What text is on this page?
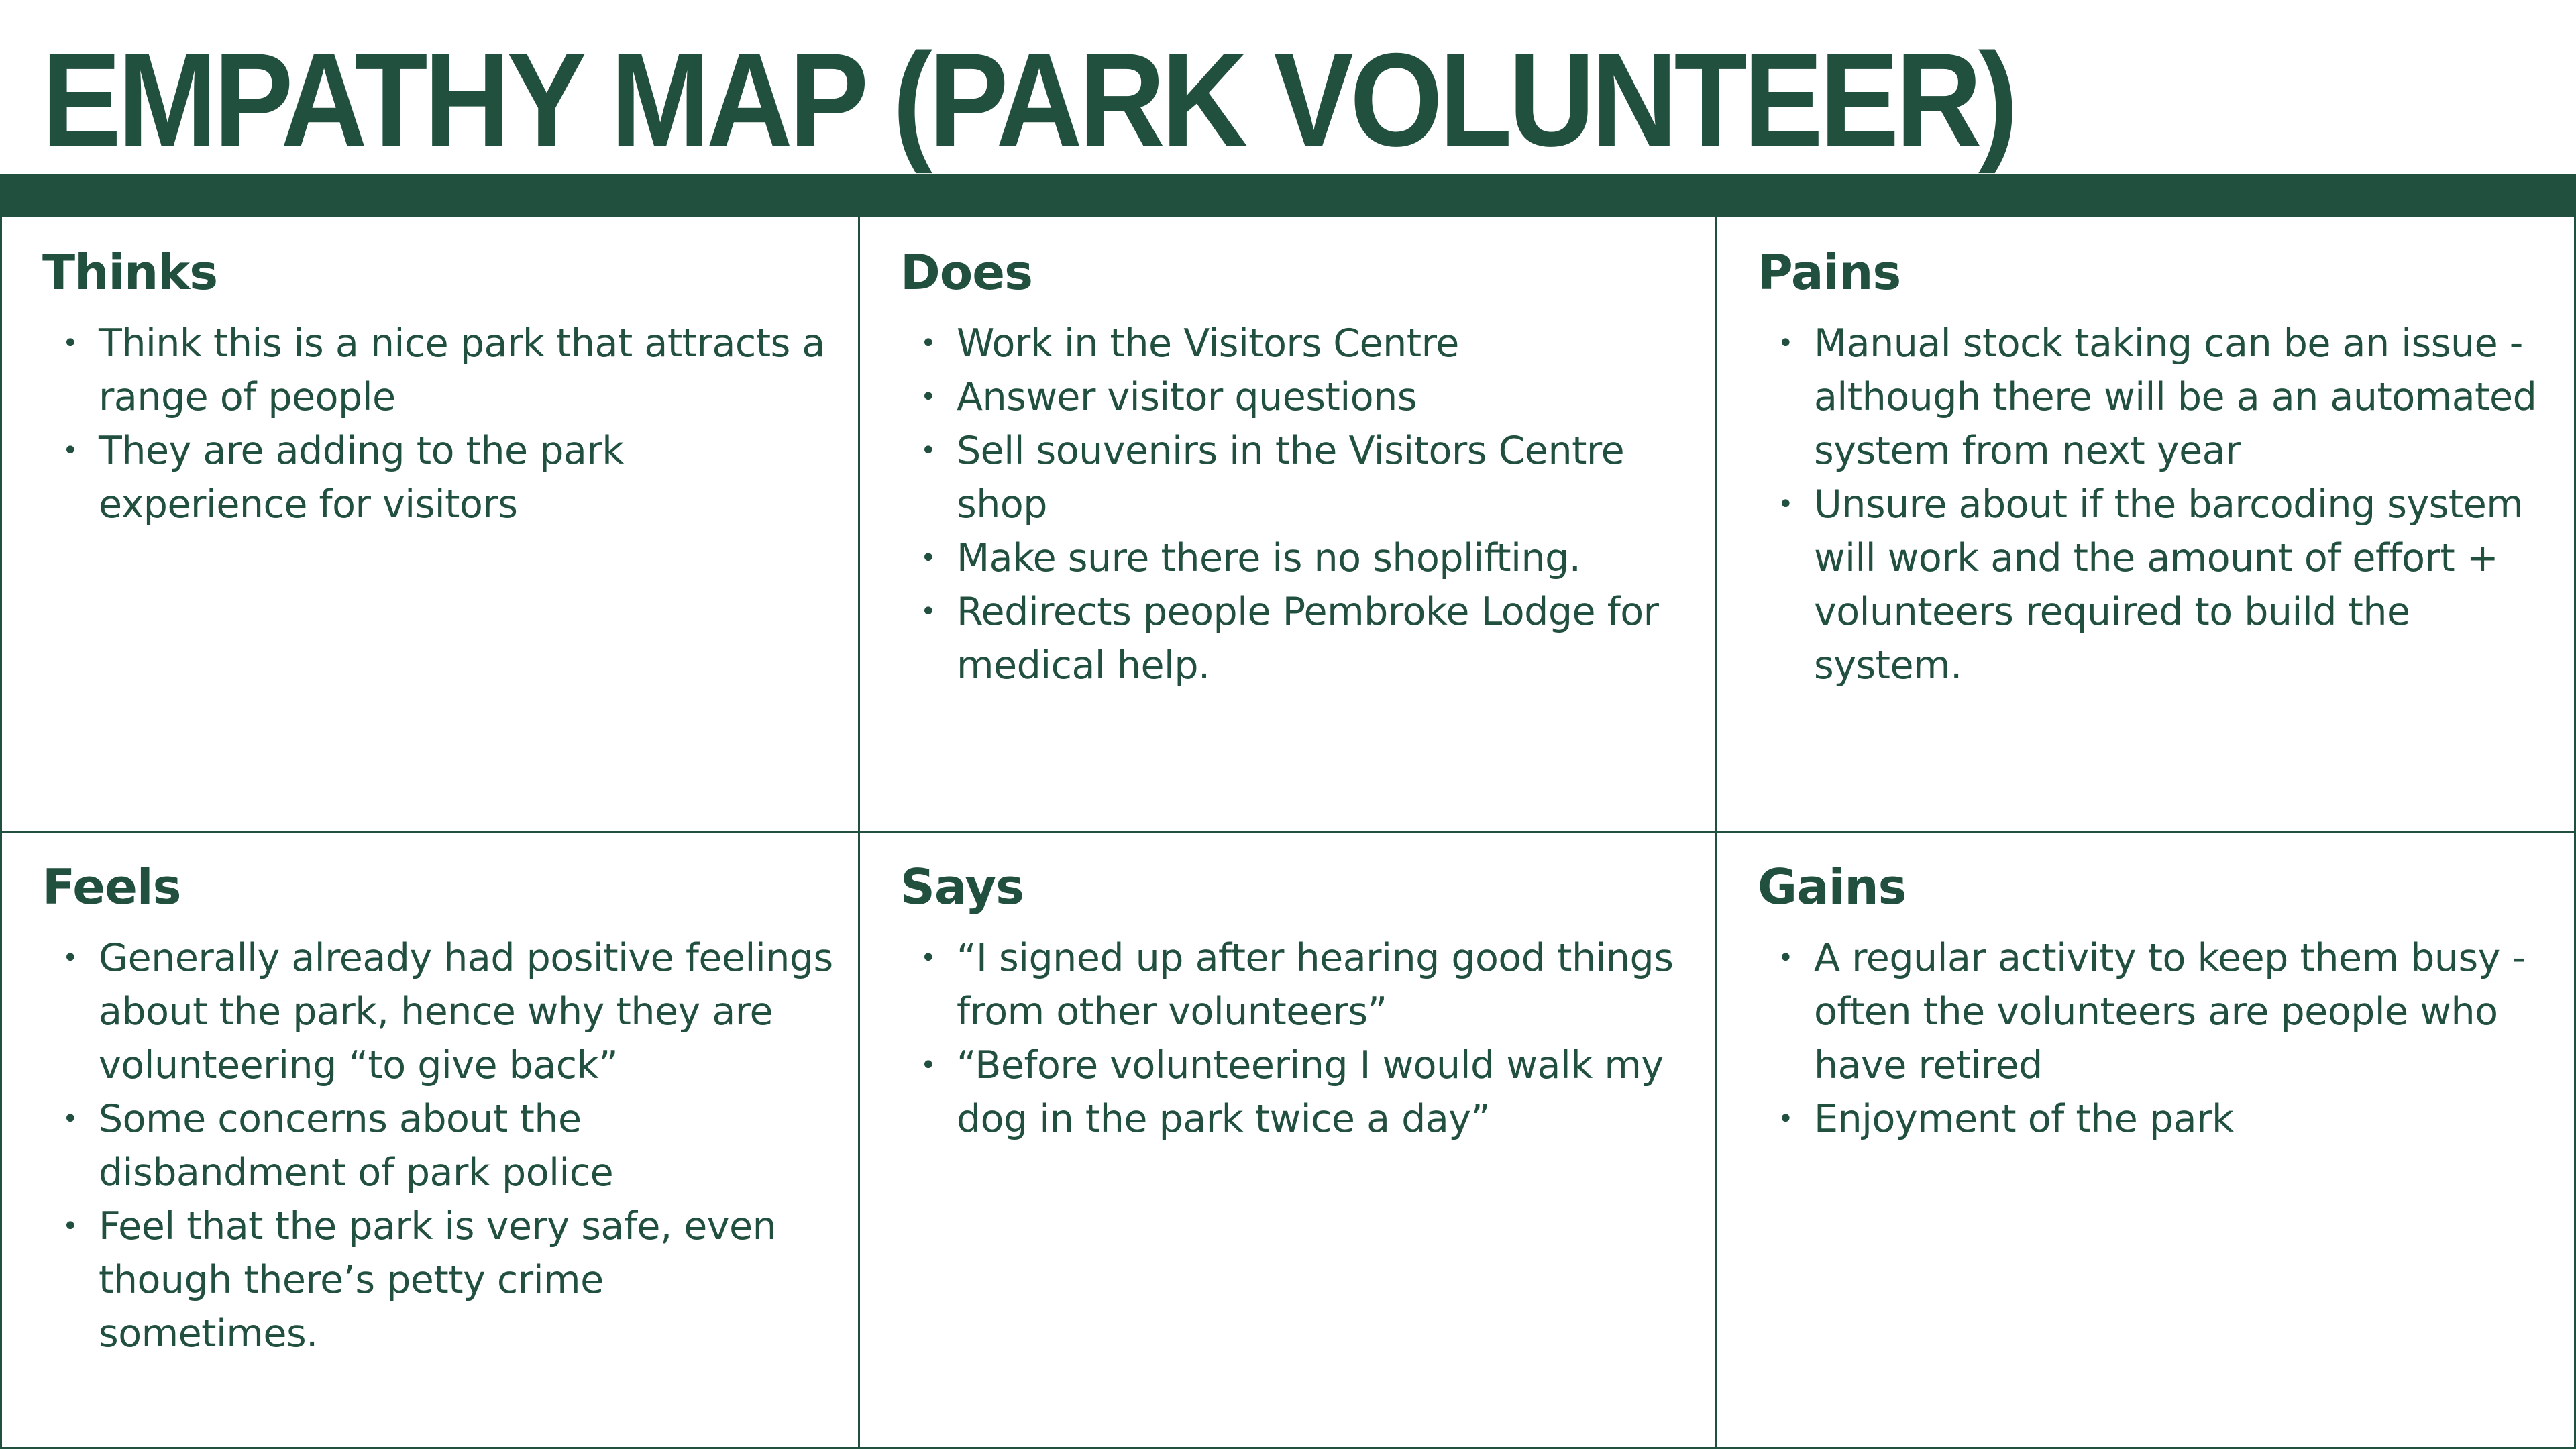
EMPATHY MAP (PARK VOLUNTEER)
Thinks
• Think this is a nice park that attracts a range of people
• They are adding to the park experience for visitors
Does
• Work in the Visitors Centre
• Answer visitor questions
• Sell souvenirs in the Visitors Centre shop
• Make sure there is no shoplifting.
• Redirects people Pembroke Lodge for medical help.
Pains
• Manual stock taking can be an issue - although there will be a an automated system from next year
• Unsure about if the barcoding system will work and the amount of effort + volunteers required to build the system.
Feels
• Generally already had positive feelings about the park, hence why they are volunteering “to give back”
• Some concerns about the disbandment of park police
• Feel that the park is very safe, even though there’s petty crime sometimes.
Says
• “I signed up after hearing good things from other volunteers”
• “Before volunteering I would walk my dog in the park twice a day”
Gains
• A regular activity to keep them busy - often the volunteers are people who have retired
• Enjoyment of the park
